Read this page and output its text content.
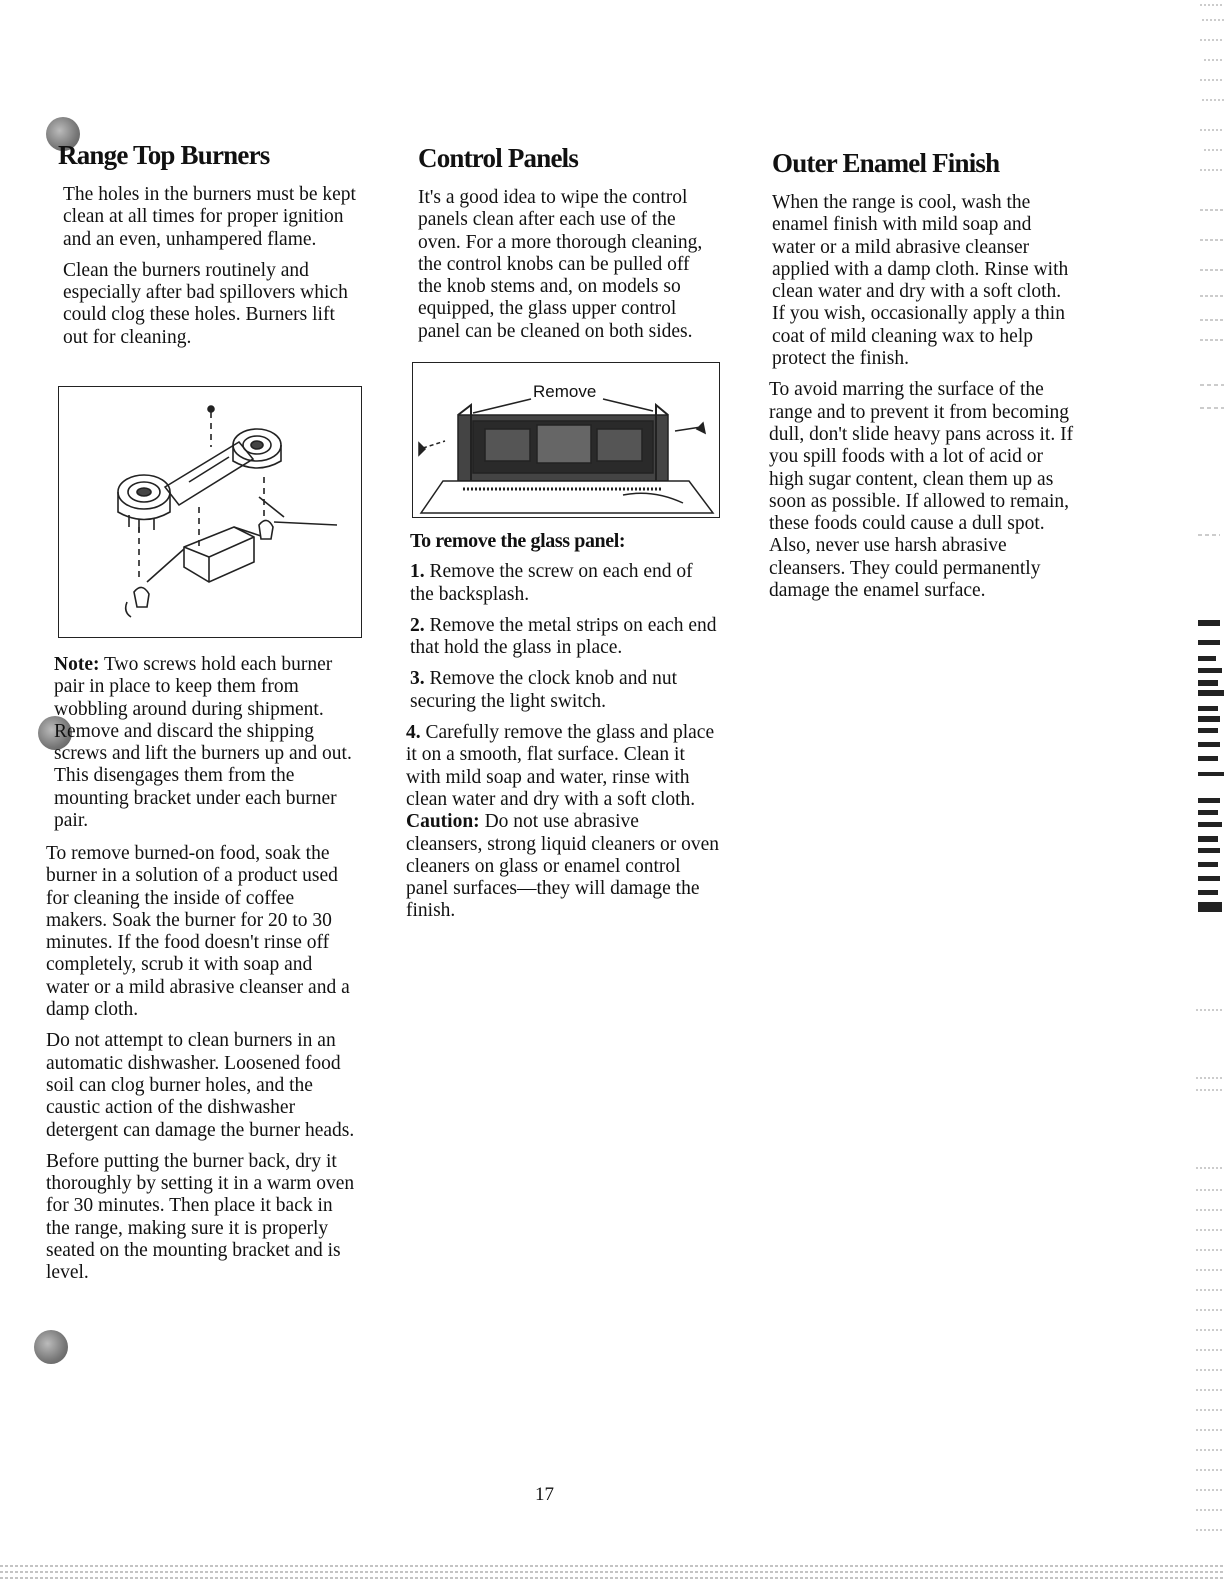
Range Top Burners

The holes in the burners must be kept clean at all times for proper ignition and an even, unhampered flame.

Clean the burners routinely and especially after bad spillovers which could clog these holes. Burners lift out for cleaning.

Note: Two screws hold each burner pair in place to keep them from wobbling around during shipment. Remove and discard the shipping screws and lift the burners up and out. This disengages them from the mounting bracket under each burner pair.

To remove burned-on food, soak the burner in a solution of a product used for cleaning the inside of coffee makers. Soak the burner for 20 to 30 minutes. If the food doesn't rinse off completely, scrub it with soap and water or a mild abrasive cleanser and a damp cloth.

Do not attempt to clean burners in an automatic dishwasher. Loosened food soil can clog burner holes, and the caustic action of the dishwasher detergent can damage the burner heads.

Before putting the burner back, dry it thoroughly by setting it in a warm oven for 30 minutes. Then place it back in the range, making sure it is properly seated on the mounting bracket and is level.

Control Panels

It's a good idea to wipe the control panels clean after each use of the oven. For a more thorough cleaning, the control knobs can be pulled off the knob stems and, on models so equipped, the glass upper control panel can be cleaned on both sides.

Remove

To remove the glass panel:

1. Remove the screw on each end of the backsplash.

2. Remove the metal strips on each end that hold the glass in place.

3. Remove the clock knob and nut securing the light switch.

4. Carefully remove the glass and place it on a smooth, flat surface. Clean it with mild soap and water, rinse with clean water and dry with a soft cloth. Caution: Do not use abrasive cleansers, strong liquid cleaners or oven cleaners on glass or enamel control panel surfaces—they will damage the finish.

Outer Enamel Finish

When the range is cool, wash the enamel finish with mild soap and water or a mild abrasive cleanser applied with a damp cloth. Rinse with clean water and dry with a soft cloth. If you wish, occasionally apply a thin coat of mild cleaning wax to help protect the finish.

To avoid marring the surface of the range and to prevent it from becoming dull, don't slide heavy pans across it. If you spill foods with a lot of acid or high sugar content, clean them up as soon as possible. If allowed to remain, these foods could cause a dull spot. Also, never use harsh abrasive cleansers. They could permanently damage the enamel surface.

17
